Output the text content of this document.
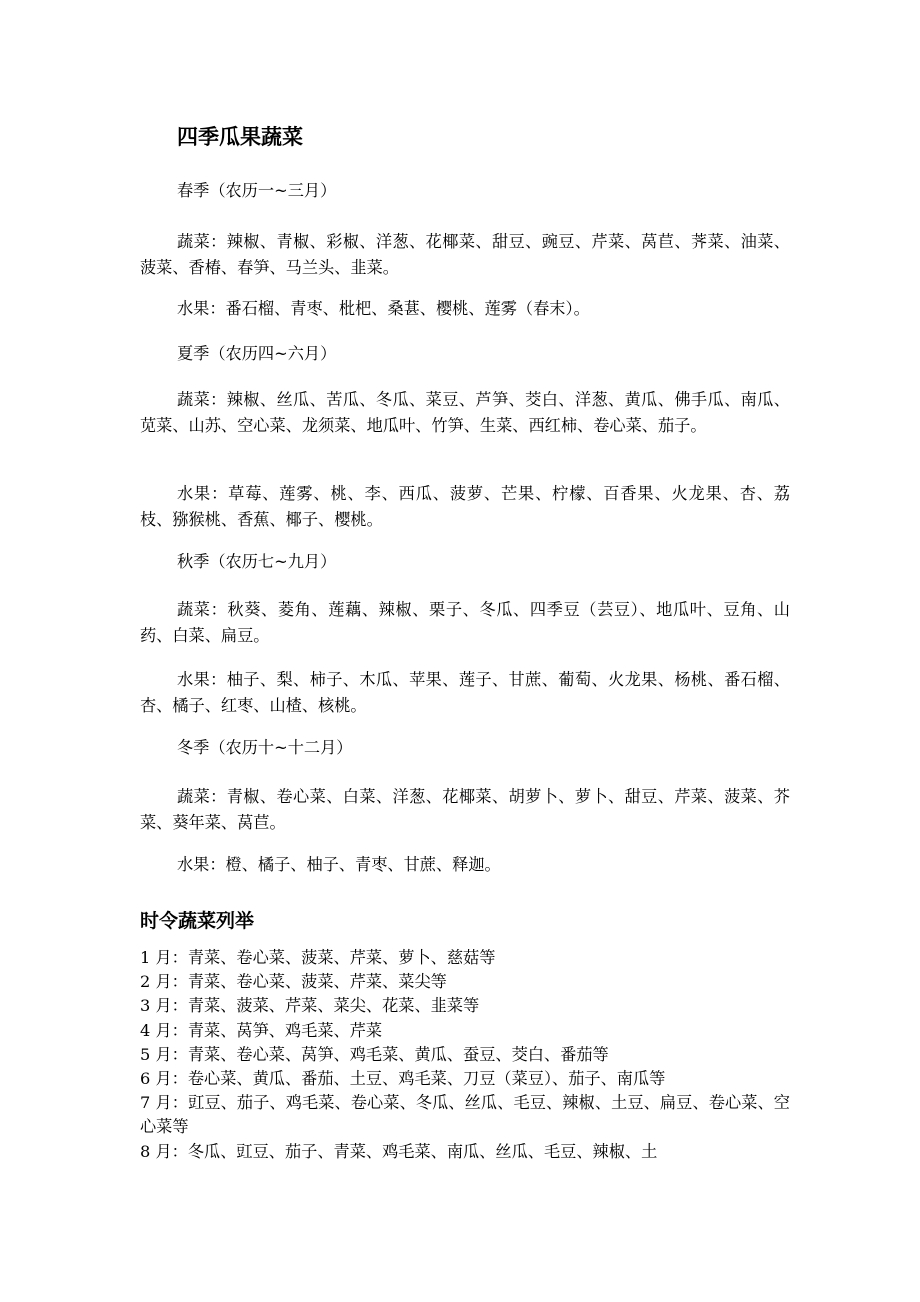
四季瓜果蔬菜
春季（农历一~三月）
蔬菜：辣椒、青椒、彩椒、洋葱、花椰菜、甜豆、豌豆、芹菜、莴苣、荠菜、油菜、菠菜、香椿、春笋、马兰头、韭菜。
水果：番石榴、青枣、枇杷、桑葚、樱桃、莲雾（春末）。
夏季（农历四~六月）
蔬菜：辣椒、丝瓜、苦瓜、冬瓜、菜豆、芦笋、茭白、洋葱、黄瓜、佛手瓜、南瓜、苋菜、山苏、空心菜、龙须菜、地瓜叶、竹笋、生菜、西红柿、卷心菜、茄子。
水果：草莓、莲雾、桃、李、西瓜、菠萝、芒果、柠檬、百香果、火龙果、杏、荔枝、猕猴桃、香蕉、椰子、樱桃。
秋季（农历七~九月）
蔬菜：秋葵、菱角、莲藕、辣椒、栗子、冬瓜、四季豆（芸豆）、地瓜叶、豆角、山药、白菜、扁豆。
水果：柚子、梨、柿子、木瓜、苹果、莲子、甘蔗、葡萄、火龙果、杨桃、番石榴、杏、橘子、红枣、山楂、核桃。
冬季（农历十~十二月）
蔬菜：青椒、卷心菜、白菜、洋葱、花椰菜、胡萝卜、萝卜、甜豆、芹菜、菠菜、芥菜、葵年菜、莴苣。
水果：橙、橘子、柚子、青枣、甘蔗、释迦。
时令蔬菜列举
1 月：青菜、卷心菜、菠菜、芹菜、萝卜、慈菇等
2 月：青菜、卷心菜、菠菜、芹菜、菜尖等
3 月：青菜、菠菜、芹菜、菜尖、花菜、韭菜等
4 月：青菜、莴笋、鸡毛菜、芹菜
5 月：青菜、卷心菜、莴笋、鸡毛菜、黄瓜、蚕豆、茭白、番茄等
6 月：卷心菜、黄瓜、番茄、土豆、鸡毛菜、刀豆（菜豆）、茄子、南瓜等
7 月：豇豆、茄子、鸡毛菜、卷心菜、冬瓜、丝瓜、毛豆、辣椒、土豆、扁豆、卷心菜、空心菜等
8 月：冬瓜、豇豆、茄子、青菜、鸡毛菜、南瓜、丝瓜、毛豆、辣椒、土
